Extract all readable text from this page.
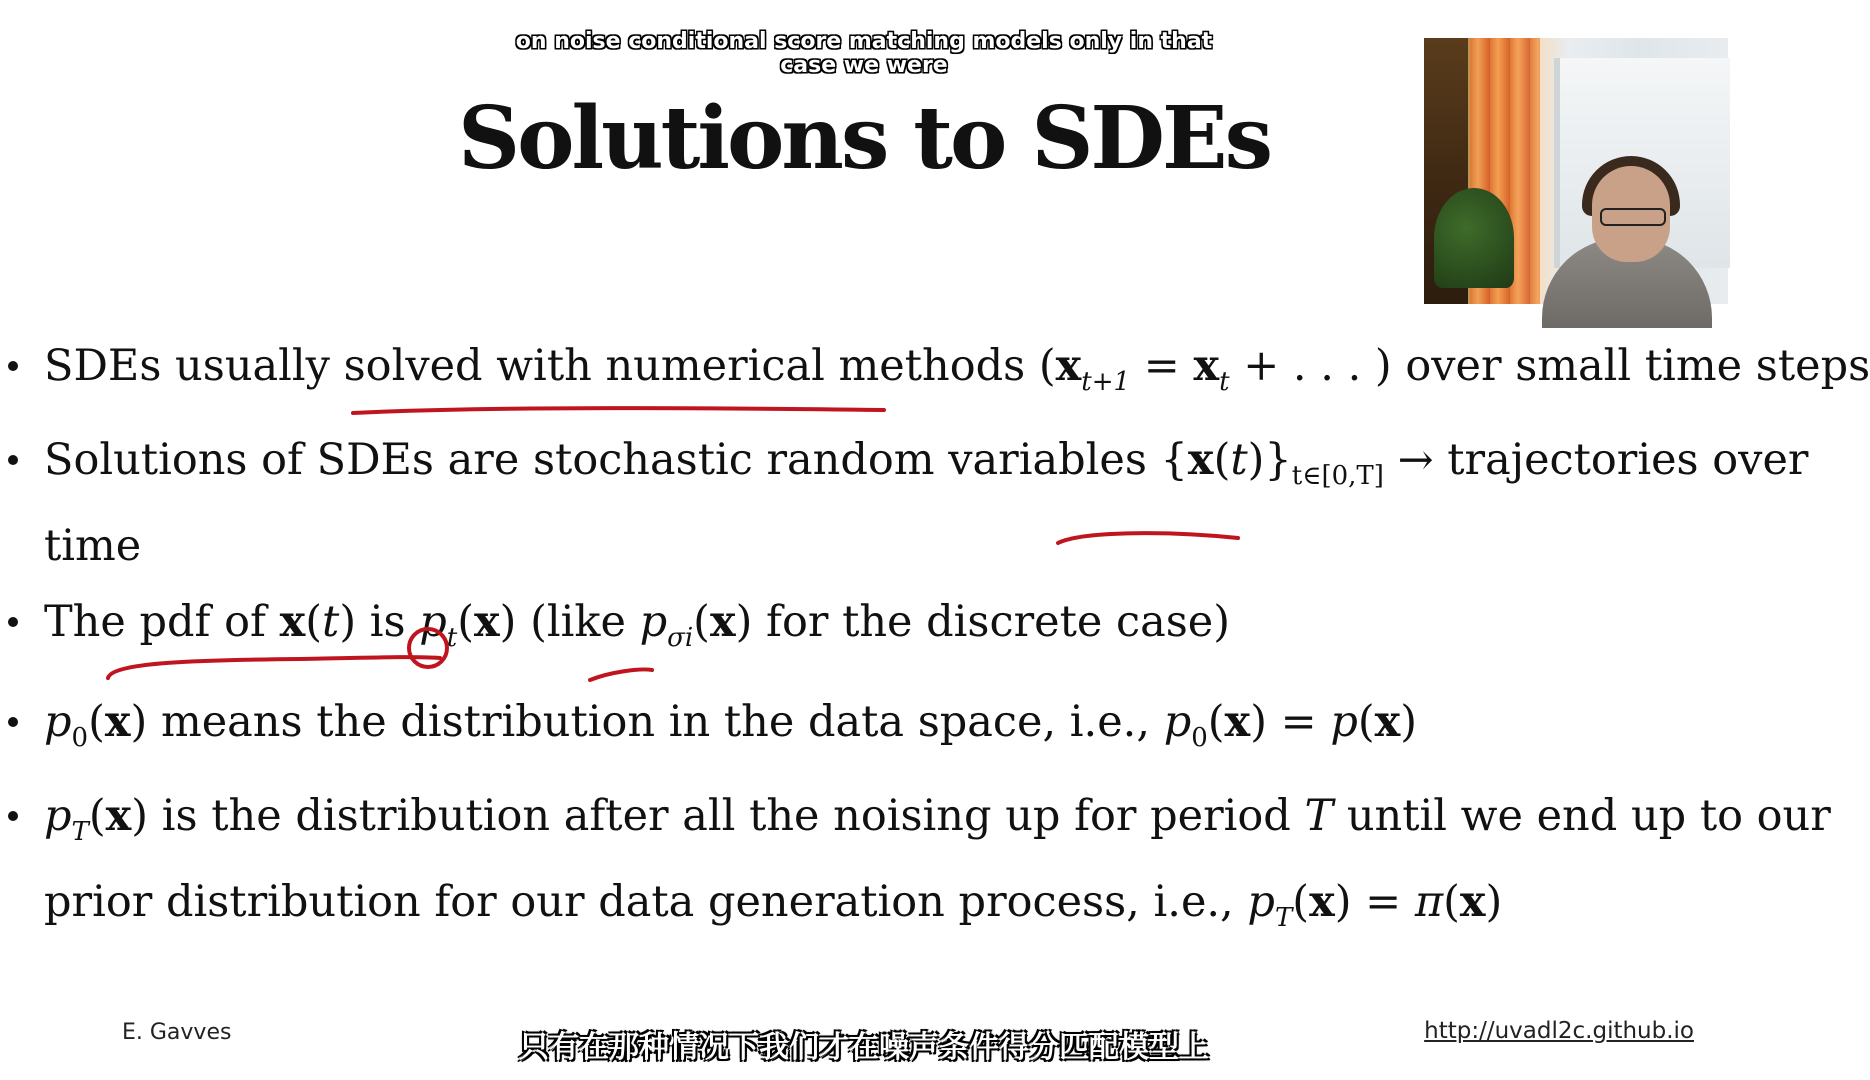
on noise conditional score matching models only in that
case we were
Solutions to SDEs
SDEs usually solved with numerical methods ($x_{t+1} = x_t$ + . . . ) over small time steps
Solutions of SDEs are stochastic random variables $\{x(t)\}_{t\in[0,T]}$ → trajectories over
time
The pdf of x(t) is $p_t(x)$ (like $p_{\sigma i}(x)$ for the discrete case)
$p_0(x)$ means the distribution in the data space, i.e., $p_0(x) = p(x)$
$p_T(x)$ is the distribution after all the noising up for period T until we end up to our
prior distribution for our data generation process, i.e., $p_T(x) = \pi(x)$
E. Gavves	http://uvadl2c.github.io
只有在那种情况下我们才在噪声条件得分匹配模型上
